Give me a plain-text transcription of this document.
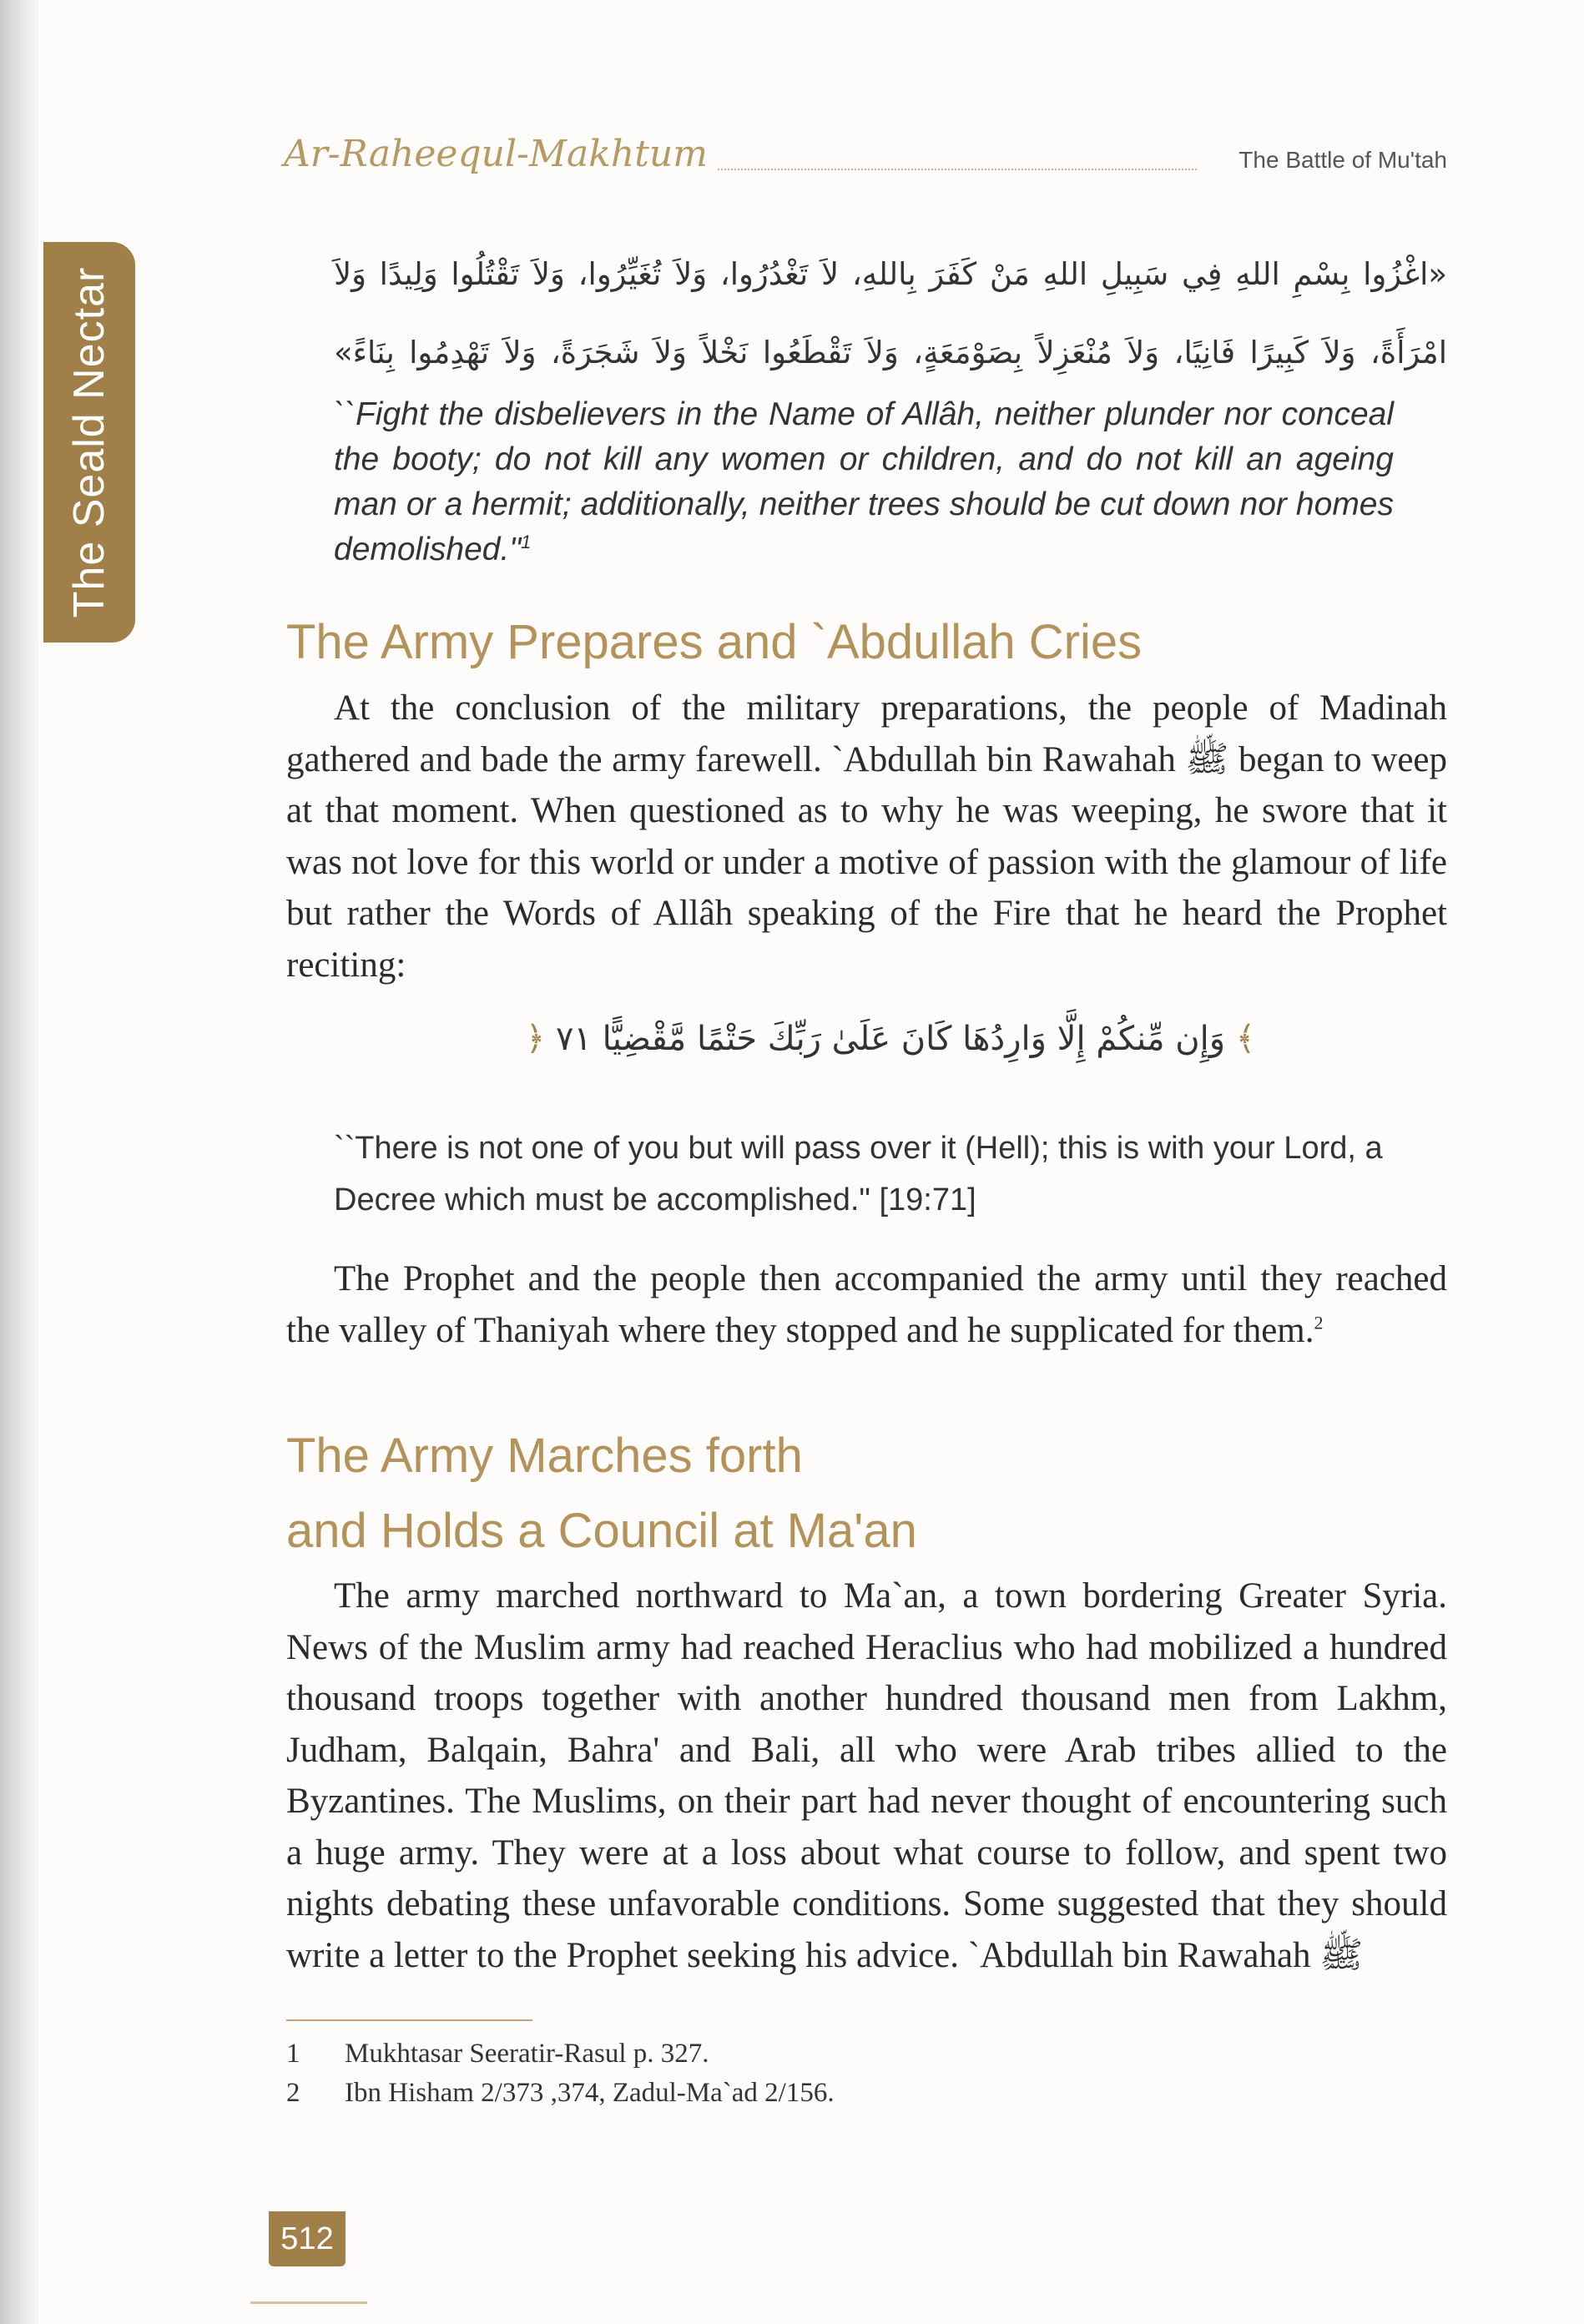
The Seald Nectar
Ar-Raheequl-Makhtum	The Battle of Mu'tah
«اغْزُوا بِسْمِ اللهِ فِي سَبِيلِ اللهِ مَنْ كَفَرَ بِاللهِ، لاَ تَغْدُرُوا، وَلاَ تُغَيِّرُوا، وَلاَ تَقْتُلُوا وَلِيدًا وَلاَ امْرَأَةً، وَلاَ كَبِيرًا فَانِيًا، وَلاَ مُنْعَزِلاً بِصَوْمَعَةٍ، وَلاَ تَقْطَعُوا نَخْلاً وَلاَ شَجَرَةً، وَلاَ تَهْدِمُوا بِنَاءً»
``Fight the disbelievers in the Name of Allâh, neither plunder nor conceal the booty; do not kill any women or children, and do not kill an ageing man or a hermit; additionally, neither trees should be cut down nor homes demolished."$^1$
The Army Prepares and `Abdullah Cries

At the conclusion of the military preparations, the people of Madinah gathered and bade the army farewell. `Abdullah bin Rawahah ﷺ began to weep at that moment. When questioned as to why he was weeping, he swore that it was not love for this world or under a motive of passion with the glamour of life but rather the Words of Allâh speaking of the Fire that he heard the Prophet reciting:

﴾ وَإِن مِّنكُمْ إِلَّا وَارِدُهَا كَانَ عَلَىٰ رَبِّكَ حَتْمًا مَّقْضِيًّا ٧١ ﴿
``There is not one of you but will pass over it (Hell); this is with your Lord, a Decree which must be accomplished." [19:71]

The Prophet and the people then accompanied the army until they reached the valley of Thaniyah where they stopped and he supplicated for them.$^2$

The Army Marches forth
and Holds a Council at Ma'an

The army marched northward to Ma`an, a town bordering Greater Syria. News of the Muslim army had reached Heraclius who had mobilized a hundred thousand troops together with another hundred thousand men from Lakhm, Judham, Balqain, Bahra' and Bali, all who were Arab tribes allied to the Byzantines. The Muslims, on their part had never thought of encountering such a huge army. They were at a loss about what course to follow, and spent two nights debating these unfavorable conditions. Some suggested that they should write a letter to the Prophet seeking his advice. `Abdullah bin Rawahah ﷺ

1	Mukhtasar Seeratir-Rasul p. 327.
2	Ibn Hisham 2/373 ,374, Zadul-Ma`ad 2/156.
512
